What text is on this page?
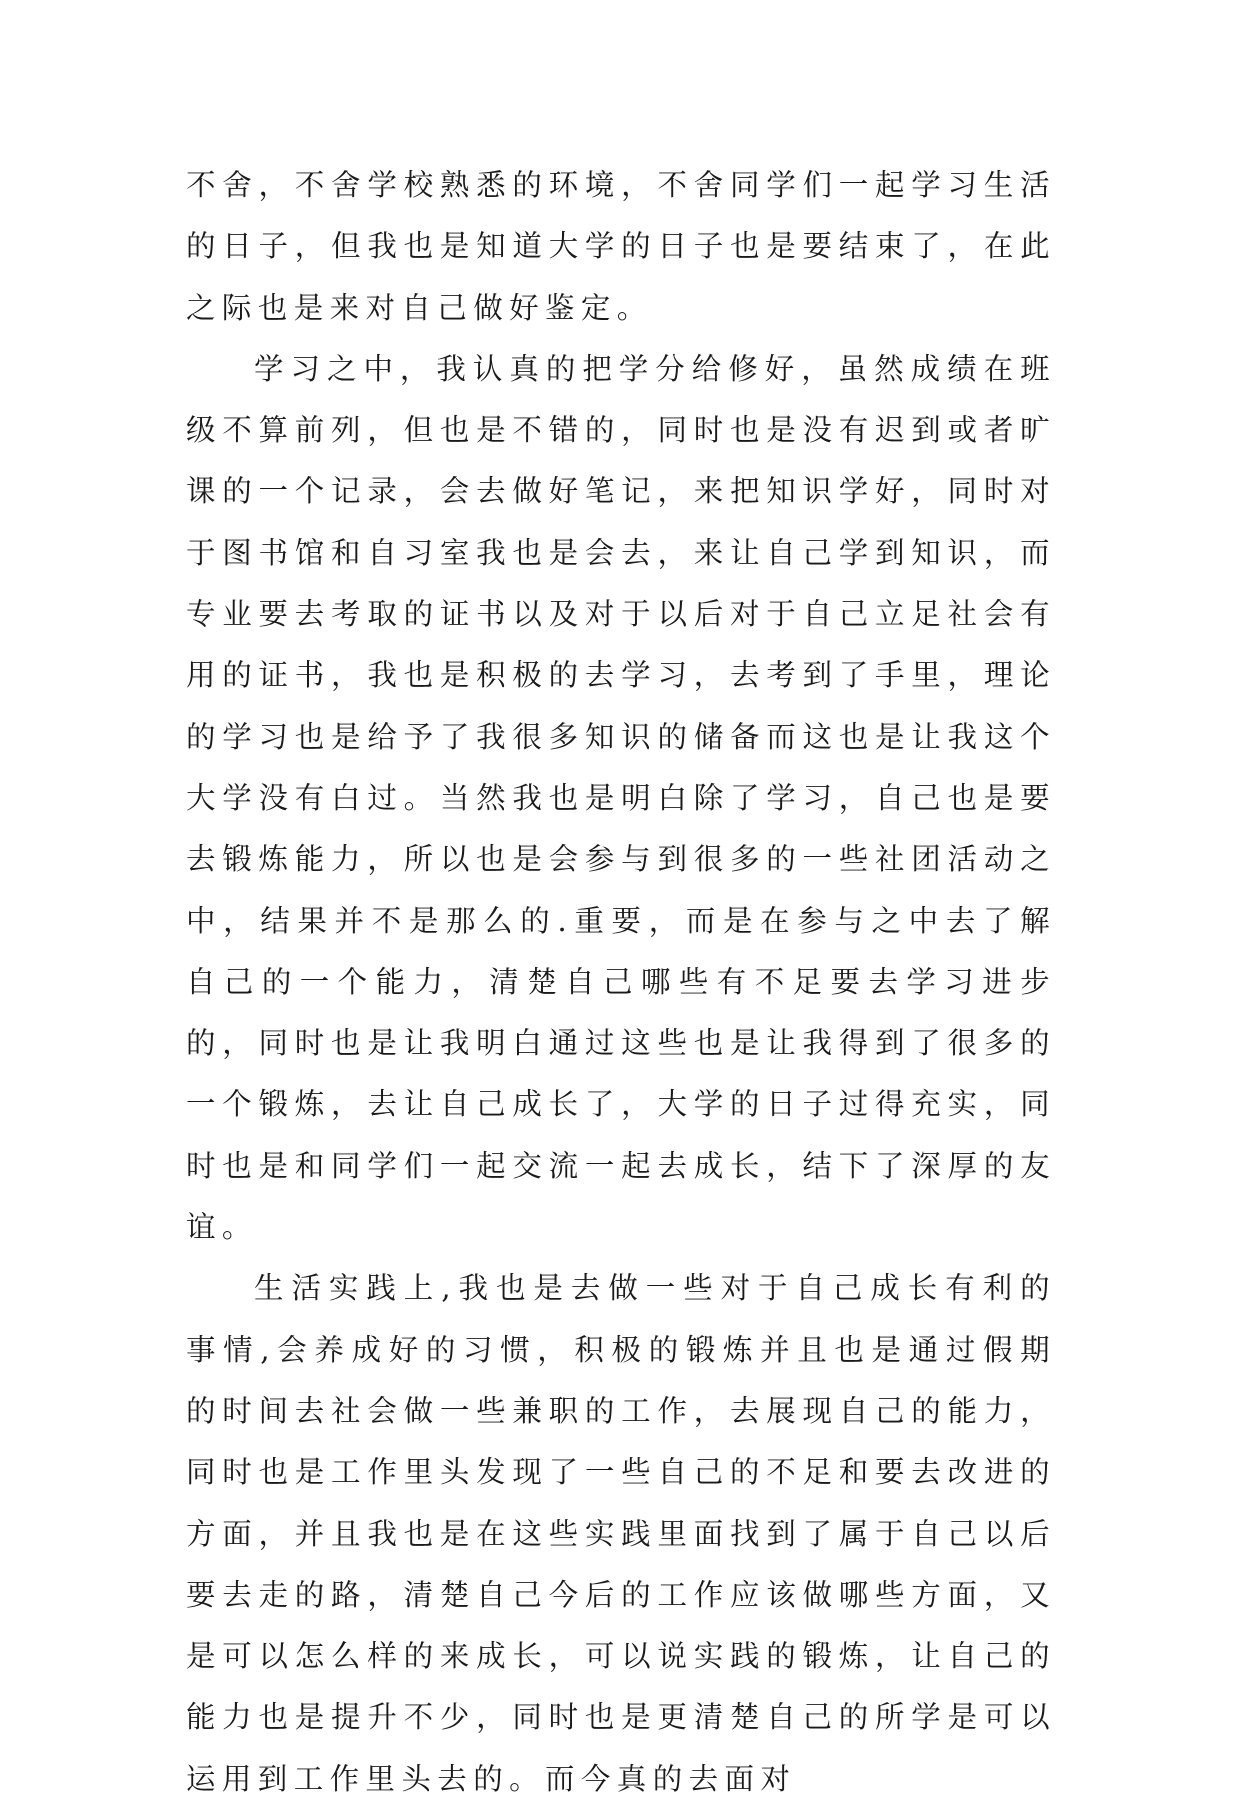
不舍，不舍学校熟悉的环境，不舍同学们一起学习生活的日子，但我也是知道大学的日子也是要结束了，在此之际也是来对自己做好鉴定。

学习之中，我认真的把学分给修好，虽然成绩在班级不算前列，但也是不错的，同时也是没有迟到或者旷课的一个记录，会去做好笔记，来把知识学好，同时对于图书馆和自习室我也是会去，来让自己学到知识，而专业要去考取的证书以及对于以后对于自己立足社会有用的证书，我也是积极的去学习，去考到了手里，理论的学习也是给予了我很多知识的储备而这也是让我这个大学没有白过。当然我也是明白除了学习，自己也是要去锻炼能力，所以也是会参与到很多的一些社团活动之中，结果并不是那么的.重要，而是在参与之中去了解自己的一个能力，清楚自己哪些有不足要去学习进步的，同时也是让我明白通过这些也是让我得到了很多的一个锻炼，去让自己成长了，大学的日子过得充实，同时也是和同学们一起交流一起去成长，结下了深厚的友谊。

生活实践上,我也是去做一些对于自己成长有利的事情,会养成好的习惯，积极的锻炼并且也是通过假期的时间去社会做一些兼职的工作，去展现自己的能力，同时也是工作里头发现了一些自己的不足和要去改进的方面，并且我也是在这些实践里面找到了属于自己以后要去走的路，清楚自己今后的工作应该做哪些方面，又是可以怎么样的来成长，可以说实践的锻炼，让自己的能力也是提升不少，同时也是更清楚自己的所学是可以运用到工作里头去的。而今真的去面对
